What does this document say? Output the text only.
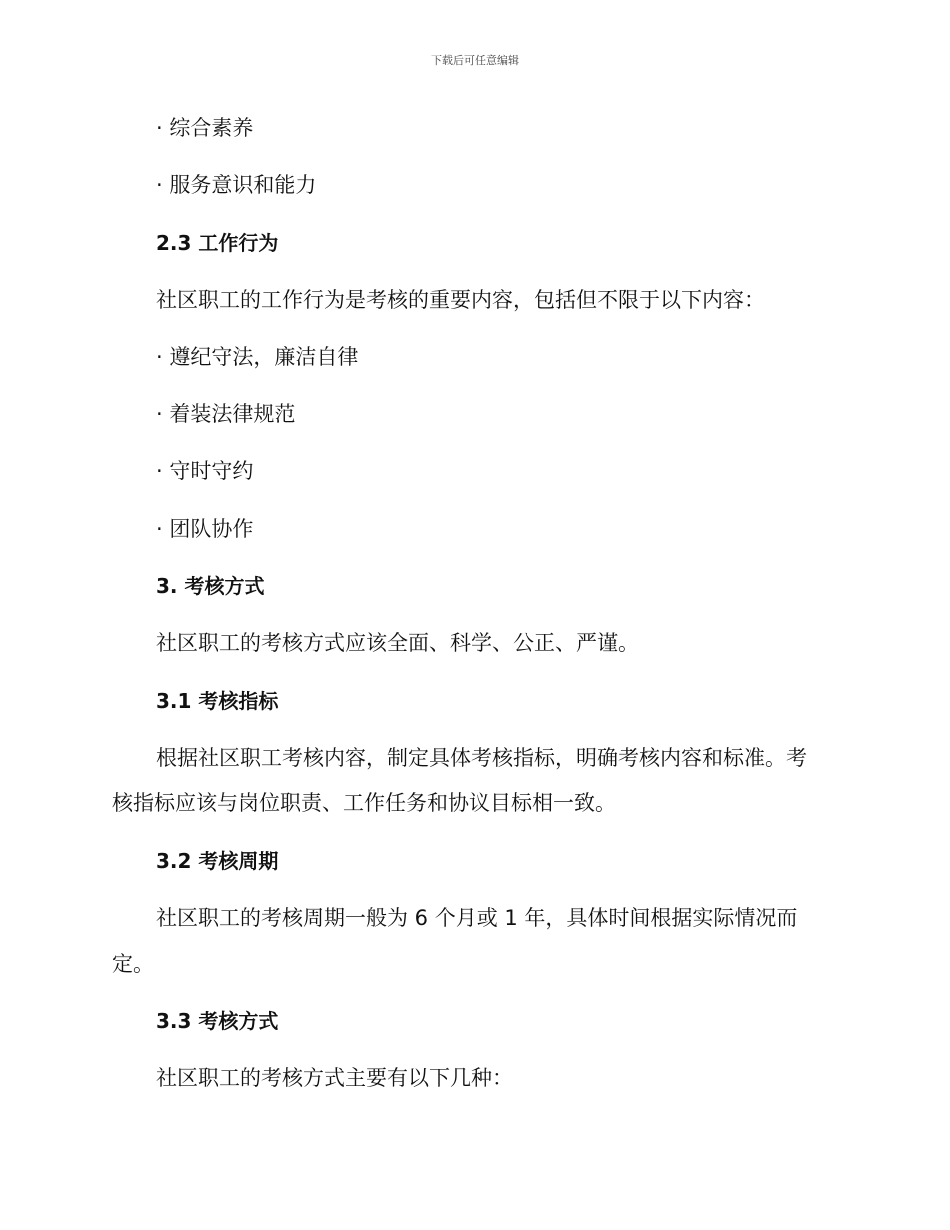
下载后可任意编辑
· 综合素养
· 服务意识和能力
2.3 工作行为
社区职工的工作行为是考核的重要内容，包括但不限于以下内容：
· 遵纪守法，廉洁自律
· 着装法律规范
· 守时守约
· 团队协作
3. 考核方式
社区职工的考核方式应该全面、科学、公正、严谨。
3.1 考核指标
根据社区职工考核内容，制定具体考核指标，明确考核内容和标准。考
核指标应该与岗位职责、工作任务和协议目标相一致。
3.2 考核周期
社区职工的考核周期一般为 6 个月或 1 年，具体时间根据实际情况而
定。
3.3 考核方式
社区职工的考核方式主要有以下几种：
